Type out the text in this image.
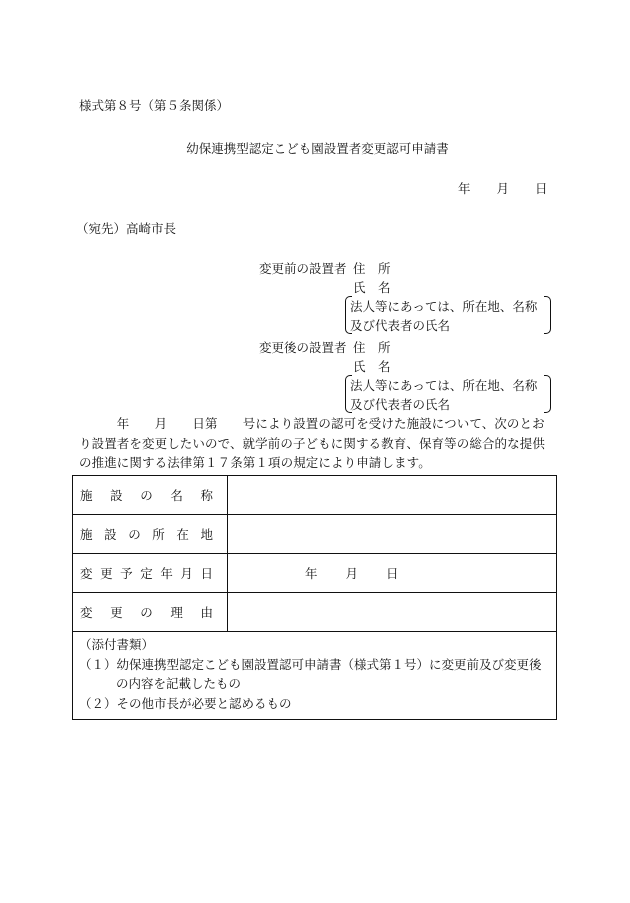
様式第８号（第５条関係）
幼保連携型認定こども園設置者変更認可申請書
年 月 日
（宛先）高崎市長
変更前の設置者 住　所
氏　名
法人等にあっては、所在地、名称
及び代表者の氏名
変更後の設置者 住　所
氏　名
法人等にあっては、所在地、名称
及び代表者の氏名
　　　年　　月　　日第　　号により設置の認可を受けた施設について、次のとおり設置者を変更したいので、就学前の子どもに関する教育、保育等の総合的な提供の推進に関する法律第１７条第１項の規定により申請します。
施設の名称	

施設の所在地	

変更予定年月日	年 月 日

変更の理由	

（添付書類）
（１）幼保連携型認定こども園設置認可申請書（様式第１号）に変更前及び変更後の内容を記載したもの
（２）その他市長が必要と認めるもの	
